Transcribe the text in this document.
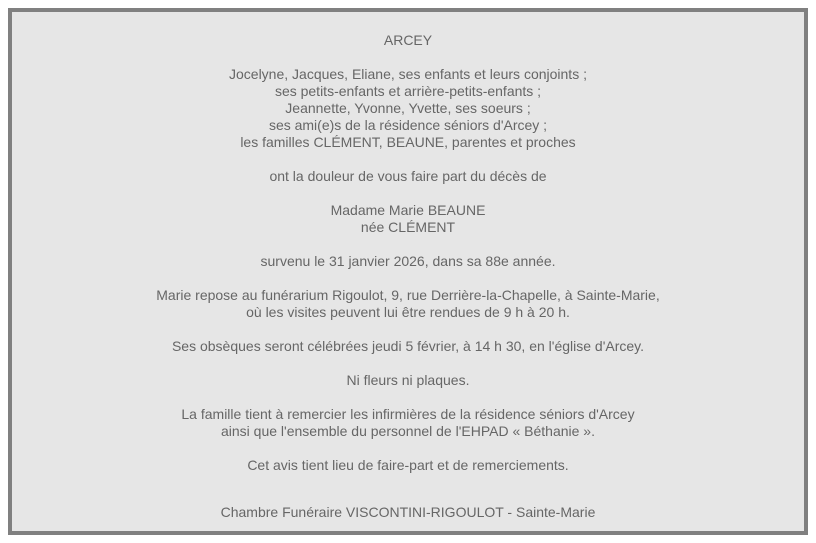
ARCEY

Jocelyne, Jacques, Eliane, ses enfants et leurs conjoints ;
ses petits-enfants et arrière-petits-enfants ;
Jeannette, Yvonne, Yvette, ses soeurs ;
ses ami(e)s de la résidence séniors d'Arcey ;
les familles CLÉMENT, BEAUNE, parentes et proches

ont la douleur de vous faire part du décès de

Madame Marie BEAUNE
née CLÉMENT

survenu le 31 janvier 2026, dans sa 88e année.

Marie repose au funérarium Rigoulot, 9, rue Derrière-la-Chapelle, à Sainte-Marie,
où les visites peuvent lui être rendues de 9 h à 20 h.

Ses obsèques seront célébrées jeudi 5 février, à 14 h 30, en l'église d'Arcey.

Ni fleurs ni plaques.

La famille tient à remercier les infirmières de la résidence séniors d'Arcey
ainsi que l'ensemble du personnel de l'EHPAD « Béthanie ».

Cet avis tient lieu de faire-part et de remerciements.

Chambre Funéraire VISCONTINI-RIGOULOT - Sainte-Marie
